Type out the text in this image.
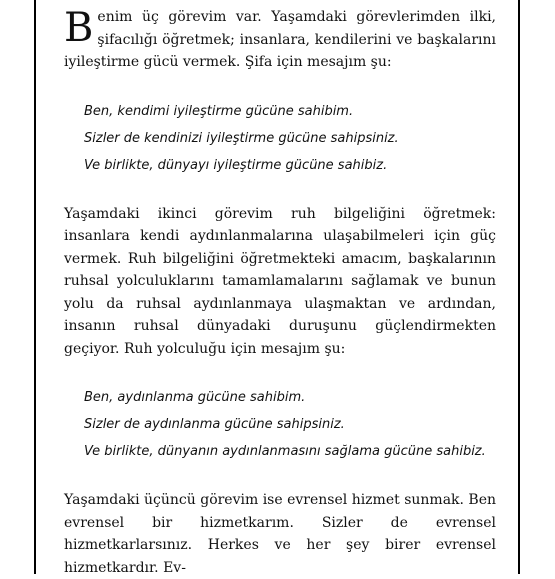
Benim üç görevim var. Yaşamdaki görevlerimden ilki, şifacılığı öğretmek; insanlara, kendilerini ve başkalarını iyileştirme gücü vermek. Şifa için mesajım şu:

Ben, kendimi iyileştirme gücüne sahibim.

Sizler de kendinizi iyileştirme gücüne sahipsiniz.

Ve birlikte, dünyayı iyileştirme gücüne sahibiz.

Yaşamdaki ikinci görevim ruh bilgeliğini öğretmek: insanlara kendi aydınlanmalarına ulaşabilmeleri için güç vermek. Ruh bilgeliğini öğretmekteki amacım, başkalarının ruhsal yolculuklarını tamamlamalarını sağlamak ve bunun yolu da ruhsal aydınlanmaya ulaşmaktan ve ardından, insanın ruhsal dünyadaki duruşunu güçlendirmekten geçiyor. Ruh yolculuğu için mesajım şu:

Ben, aydınlanma gücüne sahibim.

Sizler de aydınlanma gücüne sahipsiniz.

Ve birlikte, dünyanın aydınlanmasını sağlama gücüne sahibiz.

Yaşamdaki üçüncü görevim ise evrensel hizmet sunmak. Ben evrensel bir hizmetkarım. Sizler de evrensel hizmetkarlarsınız. Herkes ve her şey birer evrensel hizmetkardır. Ev-
